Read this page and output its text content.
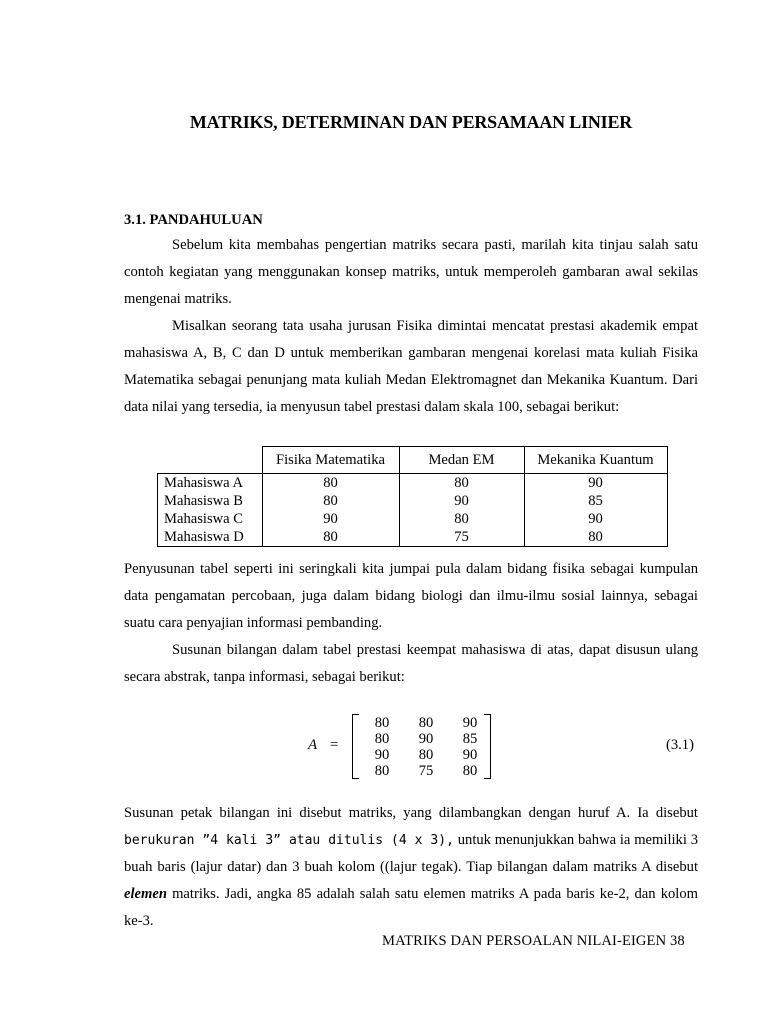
MATRIKS, DETERMINAN DAN PERSAMAAN LINIER
3.1. PANDAHULUAN

Sebelum kita membahas pengertian matriks secara pasti, marilah kita tinjau salah satu contoh kegiatan yang menggunakan konsep matriks, untuk memperoleh gambaran awal sekilas mengenai matriks.

Misalkan seorang tata usaha jurusan Fisika dimintai mencatat prestasi akademik empat mahasiswa A, B, C dan D untuk memberikan gambaran mengenai korelasi mata kuliah Fisika Matematika sebagai penunjang mata kuliah Medan Elektromagnet dan Mekanika Kuantum. Dari data nilai yang tersedia, ia menyusun tabel prestasi dalam skala 100, sebagai berikut:

	Fisika Matematika	Medan EM	Mekanika Kuantum
Mahasiswa A	80	80	90
Mahasiswa B	80	90	85
Mahasiswa C	90	80	90
Mahasiswa D	80	75	80

Penyusunan tabel seperti ini seringkali kita jumpai pula dalam bidang fisika sebagai kumpulan data pengamatan percobaan, juga dalam bidang biologi dan ilmu-ilmu sosial lainnya, sebagai suatu cara penyajian informasi pembanding.

Susunan bilangan dalam tabel prestasi keempat mahasiswa di atas, dapat disusun ulang secara abstrak, tanpa informasi, sebagai berikut:

A =
80	80	90
80	90	85
90	80	90
80	75	80
(3.1)

Susunan petak bilangan ini disebut matriks, yang dilambangkan dengan huruf A. Ia disebut berukuran ”4 kali 3” atau ditulis (4 x 3), untuk menunjukkan bahwa ia memiliki 3 buah baris (lajur datar) dan 3 buah kolom ((lajur tegak). Tiap bilangan dalam matriks A disebut elemen matriks. Jadi, angka 85 adalah salah satu elemen matriks A pada baris ke-2, dan kolom ke-3.

MATRIKS DAN PERSOALAN NILAI-EIGEN 38
